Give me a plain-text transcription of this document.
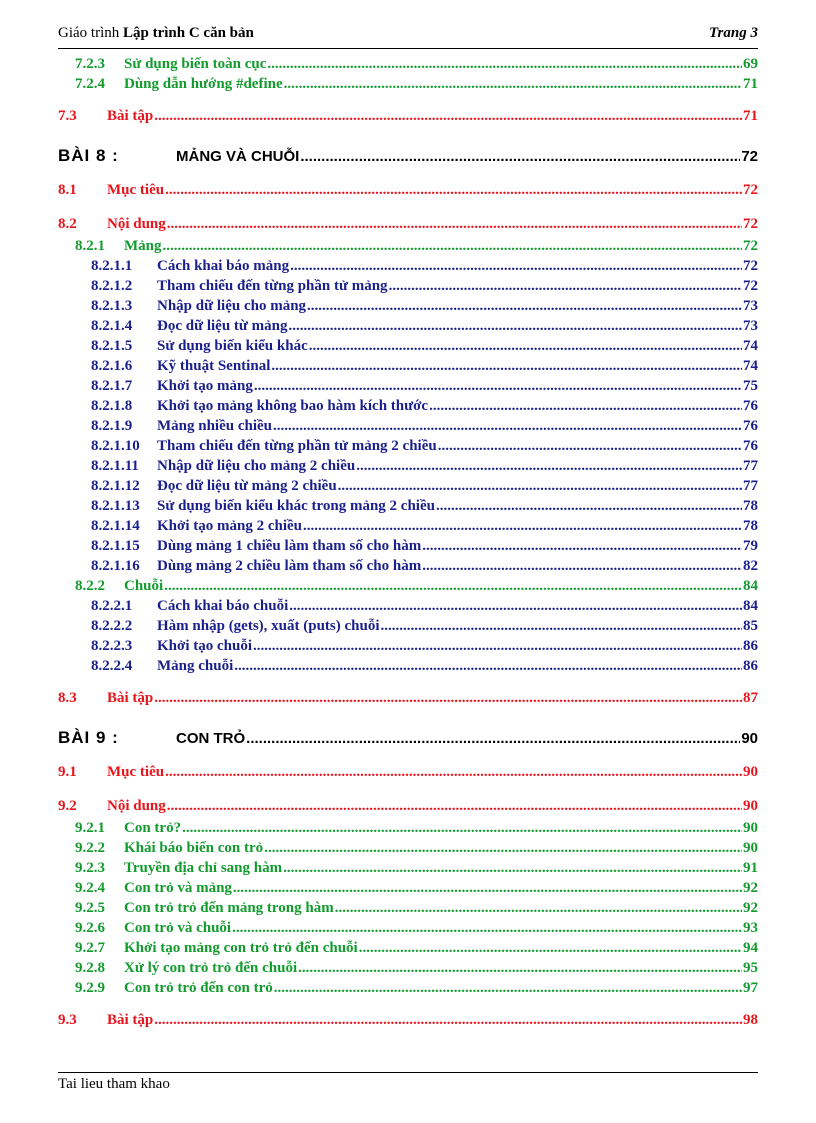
Giáo trình Lập trình C căn bản	Trang 3
7.2.3	Sử dụng biến toàn cục .....	69
7.2.4	Dùng dẫn hướng #define .....	71
7.3	Bài tập .....	71
BÀI 8 :	MẢNG VÀ CHUỖI .....	72
8.1	Mục tiêu .....	72
8.2	Nội dung .....	72
8.2.1	Mảng .....	72
8.2.1.1	Cách khai báo mảng .....	72
8.2.1.2	Tham chiếu đến từng phần tử mảng .....	72
8.2.1.3	Nhập dữ liệu cho mảng .....	73
8.2.1.4	Đọc dữ liệu từ mảng .....	73
8.2.1.5	Sử dụng biến kiểu khác .....	74
8.2.1.6	Kỹ thuật Sentinal .....	74
8.2.1.7	Khởi tạo mảng .....	75
8.2.1.8	Khởi tạo mảng không bao hàm kích thước .....	76
8.2.1.9	Mảng nhiều chiều .....	76
8.2.1.10	Tham chiếu đến từng phần tử mảng 2 chiều .....	76
8.2.1.11	Nhập dữ liệu cho mảng 2 chiều .....	77
8.2.1.12	Đọc dữ liệu từ mảng 2 chiều .....	77
8.2.1.13	Sử dụng biến kiểu khác trong mảng 2 chiều .....	78
8.2.1.14	Khởi tạo mảng 2 chiều .....	78
8.2.1.15	Dùng mảng 1 chiều làm tham số cho hàm .....	79
8.2.1.16	Dùng mảng 2 chiều làm tham số cho hàm .....	82
8.2.2	Chuỗi .....	84
8.2.2.1	Cách khai báo chuỗi .....	84
8.2.2.2	Hàm nhập (gets), xuất (puts) chuỗi .....	85
8.2.2.3	Khởi tạo chuỗi .....	86
8.2.2.4	Mảng chuỗi .....	86
8.3	Bài tập .....	87
BÀI 9 :	CON TRỎ .....	90
9.1	Mục tiêu .....	90
9.2	Nội dung .....	90
9.2.1	Con trỏ? .....	90
9.2.2	Khái báo biến con trỏ .....	90
9.2.3	Truyền địa chỉ sang hàm .....	91
9.2.4	Con trỏ và mảng .....	92
9.2.5	Con trỏ trỏ đến mảng trong hàm .....	92
9.2.6	Con trỏ và chuỗi .....	93
9.2.7	Khởi tạo mảng con trỏ trỏ đến chuỗi .....	94
9.2.8	Xử lý con trỏ trỏ đến chuỗi .....	95
9.2.9	Con trỏ trỏ đến con trỏ .....	97
9.3	Bài tập .....	98
Tai lieu tham khao
